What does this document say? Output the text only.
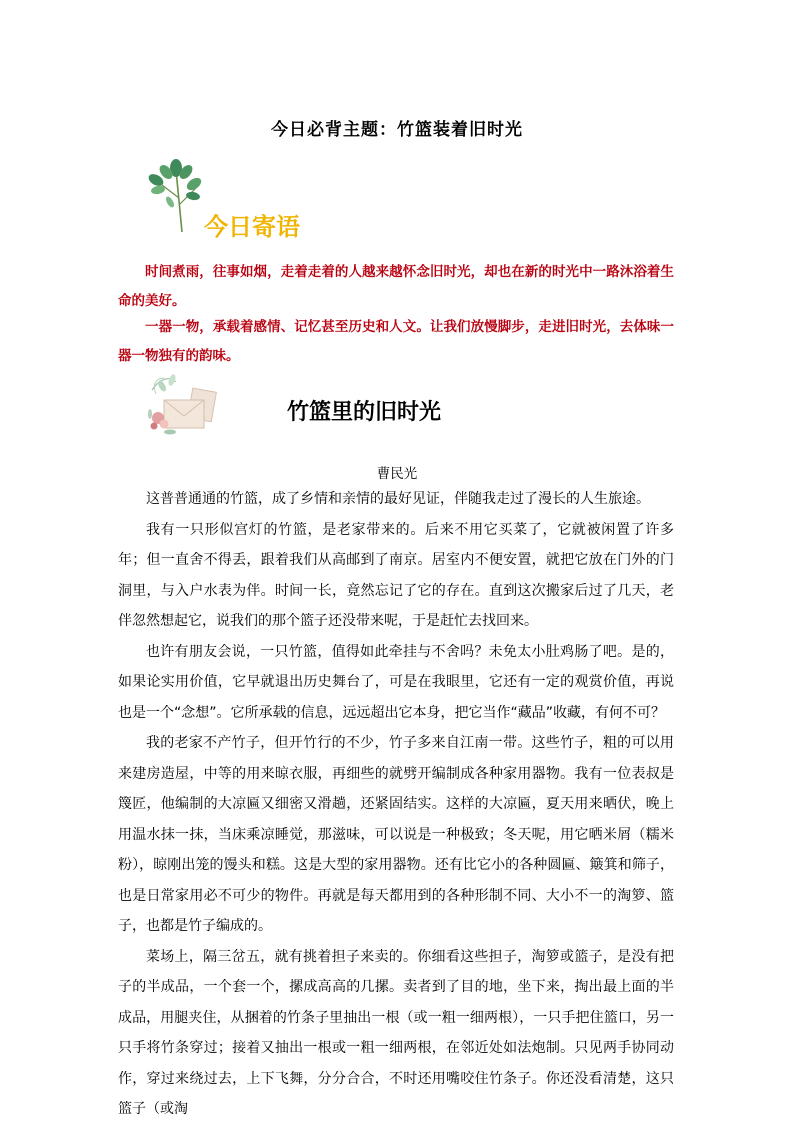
今日必背主题：竹篮装着旧时光
今日寄语

时间煮雨，往事如烟，走着走着的人越来越怀念旧时光，却也在新的时光中一路沐浴着生命的美好。

一器一物，承载着感情、记忆甚至历史和人文。让我们放慢脚步，走进旧时光，去体味一器一物独有的韵味。

竹篮里的旧时光
曹民光

这普普通通的竹篮，成了乡情和亲情的最好见证，伴随我走过了漫长的人生旅途。

我有一只形似宫灯的竹篮，是老家带来的。后来不用它买菜了，它就被闲置了许多年；但一直舍不得丢，跟着我们从高邮到了南京。居室内不便安置，就把它放在门外的门洞里，与入户水表为伴。时间一长，竟然忘记了它的存在。直到这次搬家后过了几天，老伴忽然想起它，说我们的那个篮子还没带来呢，于是赶忙去找回来。

也许有朋友会说，一只竹篮，值得如此牵挂与不舍吗？未免太小肚鸡肠了吧。是的，如果论实用价值，它早就退出历史舞台了，可是在我眼里，它还有一定的观赏价值，再说也是一个“念想”。它所承载的信息，远远超出它本身，把它当作“藏品”收藏，有何不可？

我的老家不产竹子，但开竹行的不少，竹子多来自江南一带。这些竹子，粗的可以用来建房造屋，中等的用来晾衣服，再细些的就劈开编制成各种家用器物。我有一位表叔是篾匠，他编制的大凉匾又细密又滑趟，还紧固结实。这样的大凉匾，夏天用来晒伏，晚上用温水抹一抹，当床乘凉睡觉，那滋味，可以说是一种极致；冬天呢，用它晒米屑（糯米粉），晾刚出笼的馒头和糕。这是大型的家用器物。还有比它小的各种圆匾、簸箕和筛子，也是日常家用必不可少的物件。再就是每天都用到的各种形制不同、大小不一的淘箩、篮子，也都是竹子编成的。

菜场上，隔三岔五，就有挑着担子来卖的。你细看这些担子，淘箩或篮子，是没有把子的半成品，一个套一个，摞成高高的几摞。卖者到了目的地，坐下来，掏出最上面的半成品，用腿夹住，从捆着的竹条子里抽出一根（或一粗一细两根），一只手把住篮口，另一只手将竹条穿过；接着又抽出一根或一粗一细两根，在邻近处如法炮制。只见两手协同动作，穿过来绕过去，上下飞舞，分分合合，不时还用嘴咬住竹条子。你还没看清楚，这只篮子（或淘
